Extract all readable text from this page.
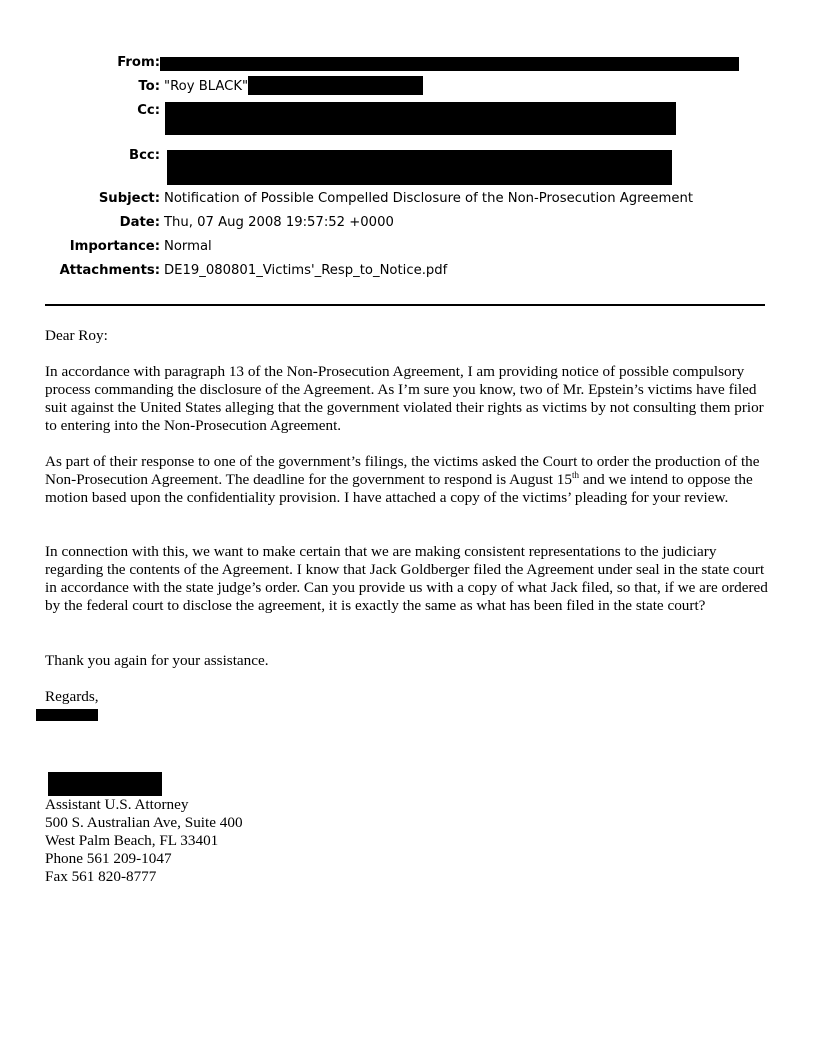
From:
To: "Roy BLACK"
Cc:
Bcc:
Subject: Notification of Possible Compelled Disclosure of the Non-Prosecution Agreement
Date: Thu, 07 Aug 2008 19:57:52 +0000
Importance: Normal
Attachments: DE19_080801_Victims'_Resp_to_Notice.pdf

Dear Roy:

In accordance with paragraph 13 of the Non-Prosecution Agreement, I am providing notice of possible compulsory process commanding the disclosure of the Agreement. As I’m sure you know, two of Mr. Epstein’s victims have filed suit against the United States alleging that the government violated their rights as victims by not consulting them prior to entering into the Non-Prosecution Agreement.

As part of their response to one of the government’s filings, the victims asked the Court to order the production of the Non-Prosecution Agreement. The deadline for the government to respond is August 15th and we intend to oppose the motion based upon the confidentiality provision. I have attached a copy of the victims’ pleading for your review.

In connection with this, we want to make certain that we are making consistent representations to the judiciary regarding the contents of the Agreement. I know that Jack Goldberger filed the Agreement under seal in the state court in accordance with the state judge’s order. Can you provide us with a copy of what Jack filed, so that, if we are ordered by the federal court to disclose the agreement, it is exactly the same as what has been filed in the state court?

Thank you again for your assistance.

Regards,

Assistant U.S. Attorney
500 S. Australian Ave, Suite 400
West Palm Beach, FL 33401
Phone 561 209-1047
Fax 561 820-8777
